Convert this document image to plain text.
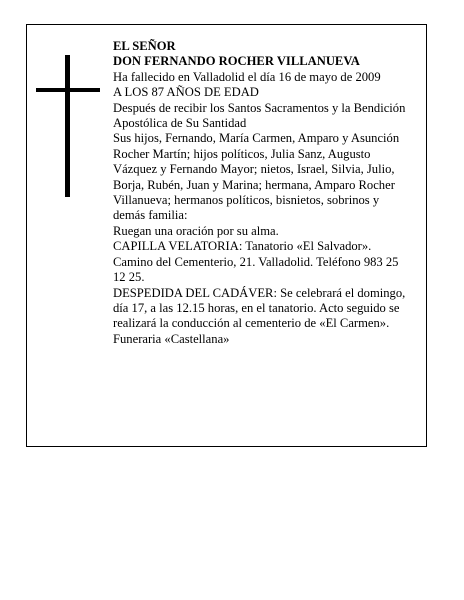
EL SEÑOR

DON FERNANDO ROCHER VILLANUEVA

Ha fallecido en Valladolid el día 16 de mayo de 2009

A LOS 87 AÑOS DE EDAD

Después de recibir los Santos Sacramentos y la Bendición Apostólica de Su Santidad

Sus hijos, Fernando, María Carmen, Amparo y Asunción Rocher Martín; hijos políticos, Julia Sanz, Augusto Vázquez y Fernando Mayor; nietos, Israel, Silvia, Julio, Borja, Rubén, Juan y Marina; hermana, Amparo Rocher Villanueva; hermanos políticos, bisnietos, sobrinos y demás familia:

Ruegan una oración por su alma.

CAPILLA VELATORIA: Tanatorio «El Salvador». Camino del Cementerio, 21. Valladolid. Teléfono 983 25 12 25.

DESPEDIDA DEL CADÁVER: Se celebrará el domingo, día 17, a las 12.15 horas, en el tanatorio. Acto seguido se realizará la conducción al cementerio de «El Carmen».

Funeraria «Castellana»
